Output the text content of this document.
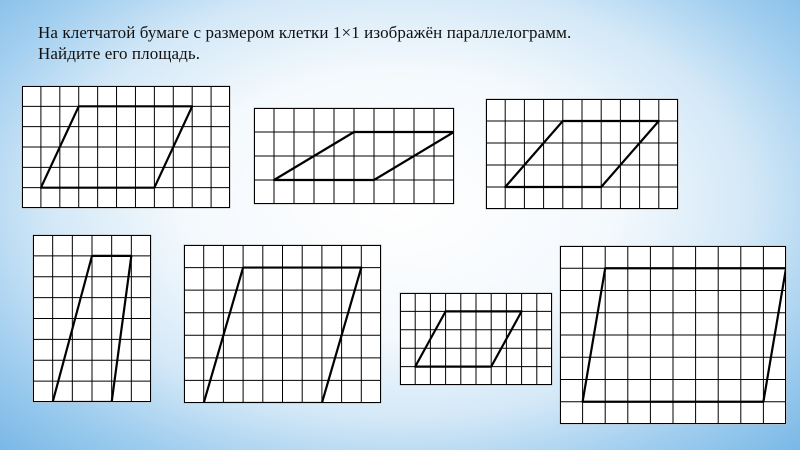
На клетчатой бумаге с размером клетки 1×1 изображён параллелограмм.
Найдите его площадь.
